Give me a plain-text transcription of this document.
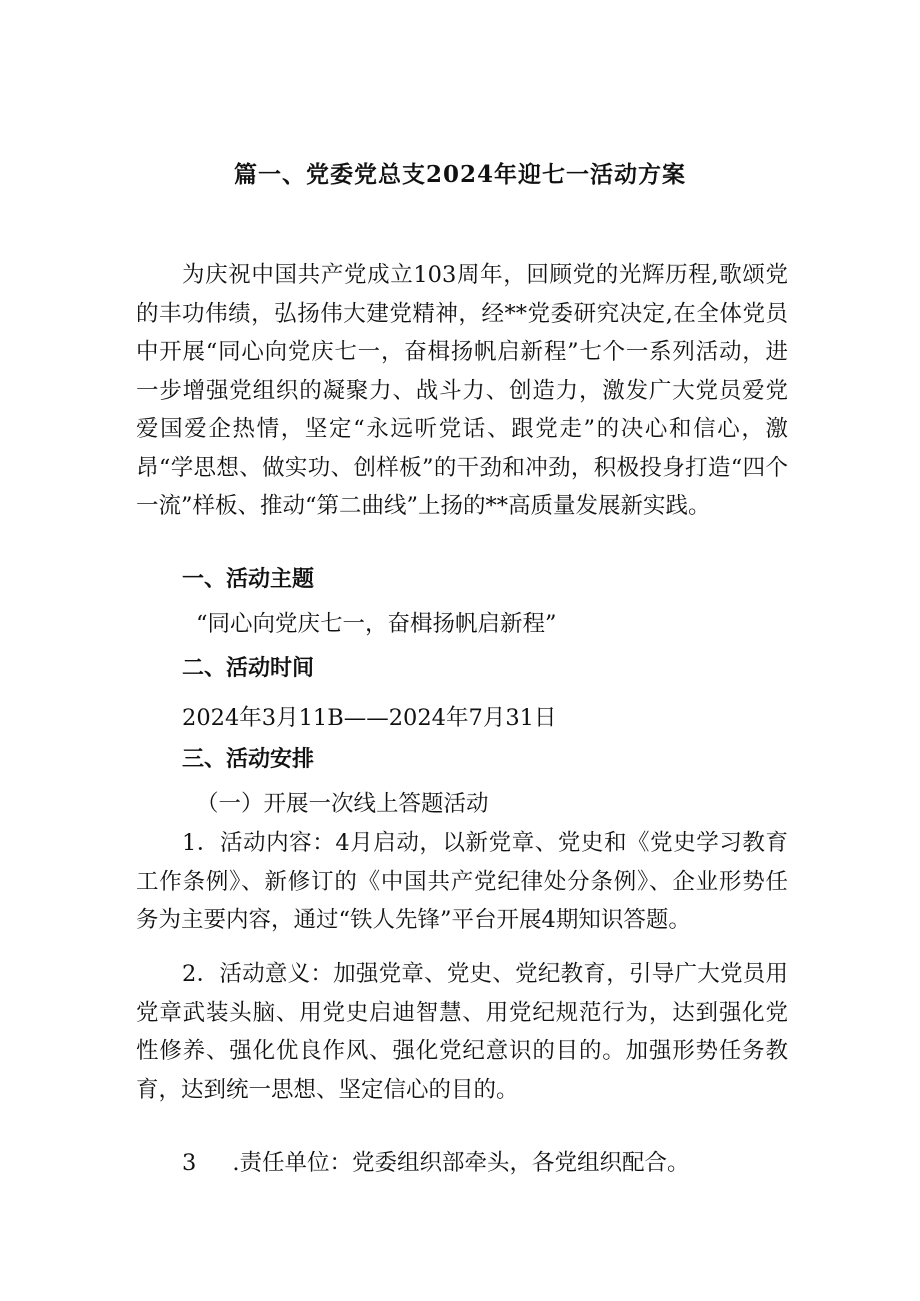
篇一、党委党总支2024年迎七一活动方案
为庆祝中国共产党成立103周年，回顾党的光辉历程,歌颂党的丰功伟绩，弘扬伟大建党精神，经**党委研究决定,在全体党员中开展“同心向党庆七一，奋楫扬帆启新程”七个一系列活动，进一步增强党组织的凝聚力、战斗力、创造力，激发广大党员爱党爱国爱企热情，坚定“永远听党话、跟党走”的决心和信心，激昂“学思想、做实功、创样板”的干劲和冲劲，积极投身打造“四个一流”样板、推动“第二曲线”上扬的**高质量发展新实践。
一、活动主题
“同心向党庆七一，奋楫扬帆启新程”
二、活动时间
2024年3月11B——2024年7月31日
三、活动安排
（一）开展一次线上答题活动
1．活动内容：4月启动，以新党章、党史和《党史学习教育工作条例》、新修订的《中国共产党纪律处分条例》、企业形势任务为主要内容，通过“铁人先锋”平台开展4期知识答题。
2．活动意义：加强党章、党史、党纪教育，引导广大党员用党章武装头脑、用党史启迪智慧、用党纪规范行为，达到强化党性修养、强化优良作风、强化党纪意识的目的。加强形势任务教育，达到统一思想、坚定信心的目的。
3 .责任单位：党委组织部牵头，各党组织配合。
